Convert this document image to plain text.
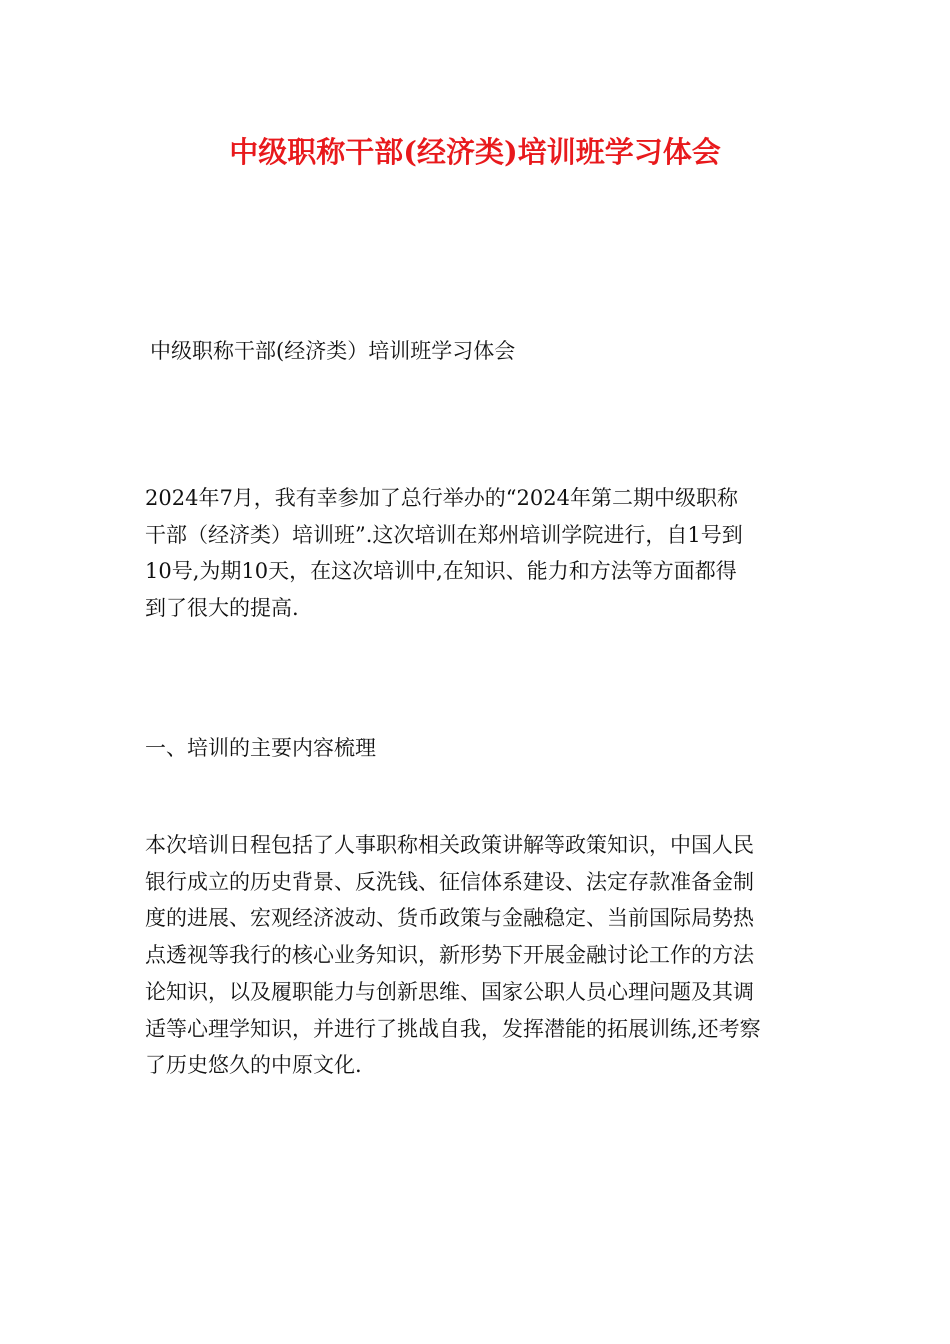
中级职称干部(经济类)培训班学习体会

中级职称干部(经济类）培训班学习体会

2024年7月，我有幸参加了总行举办的“2024年第二期中级职称
干部（经济类）培训班”.这次培训在郑州培训学院进行，自1号到
10号,为期10天，在这次培训中,在知识、能力和方法等方面都得
到了很大的提高.

一、培训的主要内容梳理

本次培训日程包括了人事职称相关政策讲解等政策知识，中国人民
银行成立的历史背景、反洗钱、征信体系建设、法定存款准备金制
度的进展、宏观经济波动、货币政策与金融稳定、当前国际局势热
点透视等我行的核心业务知识，新形势下开展金融讨论工作的方法
论知识，以及履职能力与创新思维、国家公职人员心理问题及其调
适等心理学知识，并进行了挑战自我，发挥潜能的拓展训练,还考察
了历史悠久的中原文化.
